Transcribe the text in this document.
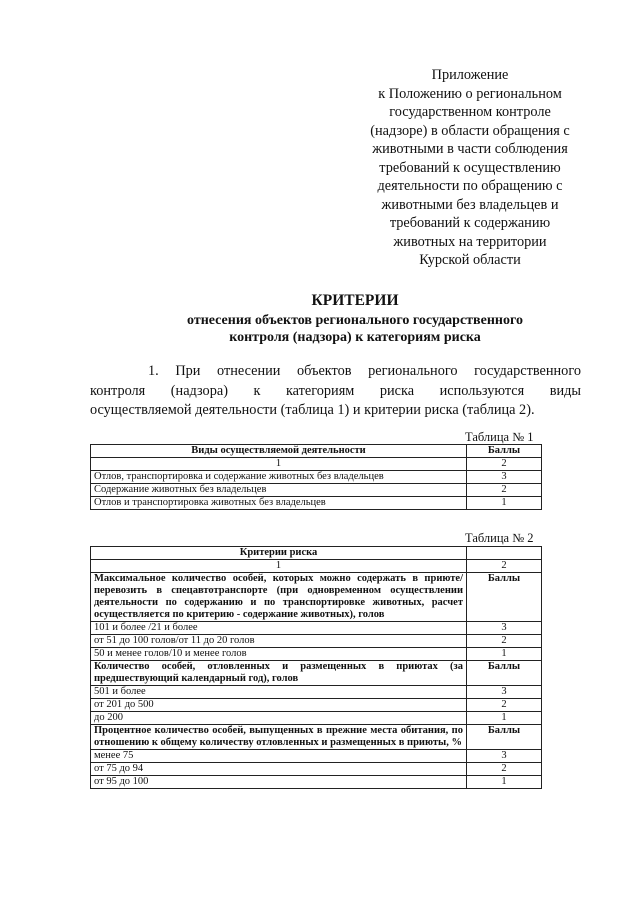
Приложение
к Положению о региональном
государственном контроле
(надзоре) в области обращения с
животными в части соблюдения
требований к осуществлению
деятельности по обращению с
животными без владельцев и
требований к содержанию
животных на территории
Курской области
КРИТЕРИИ
отнесения объектов регионального государственного
контроля (надзора) к категориям риска
1. При отнесении объектов регионального государственного
контроля (надзора) к категориям риска используются виды
осуществляемой деятельности (таблица 1) и критерии риска (таблица 2).
Таблица № 1
Виды осуществляемой деятельности	Баллы
1	2
Отлов, транспортировка и содержание животных без владельцев	3
Содержание животных без владельцев	2
Отлов и транспортировка животных без владельцев	1
Таблица № 2
Критерии риска	
1	2
Максимальное количество особей, которых можно содержать в приюте/перевозить в спецавтотранспорте (при одновременном осуществлении деятельности по содержанию и по транспортировке животных, расчет осуществляется по критерию - содержание животных), голов	Баллы
101 и более /21 и более	3
от 51 до 100 голов/от 11 до 20 голов	2
50 и менее голов/10 и менее голов	1
Количество особей, отловленных и размещенных в приютах (за предшествующий календарный год), голов	Баллы
501 и более	3
от 201 до 500	2
до 200	1
Процентное количество особей, выпущенных в прежние места обитания, по отношению к общему количеству отловленных и размещенных в приюты, %	Баллы
менее 75	3
от 75 до 94	2
от 95 до 100	1
